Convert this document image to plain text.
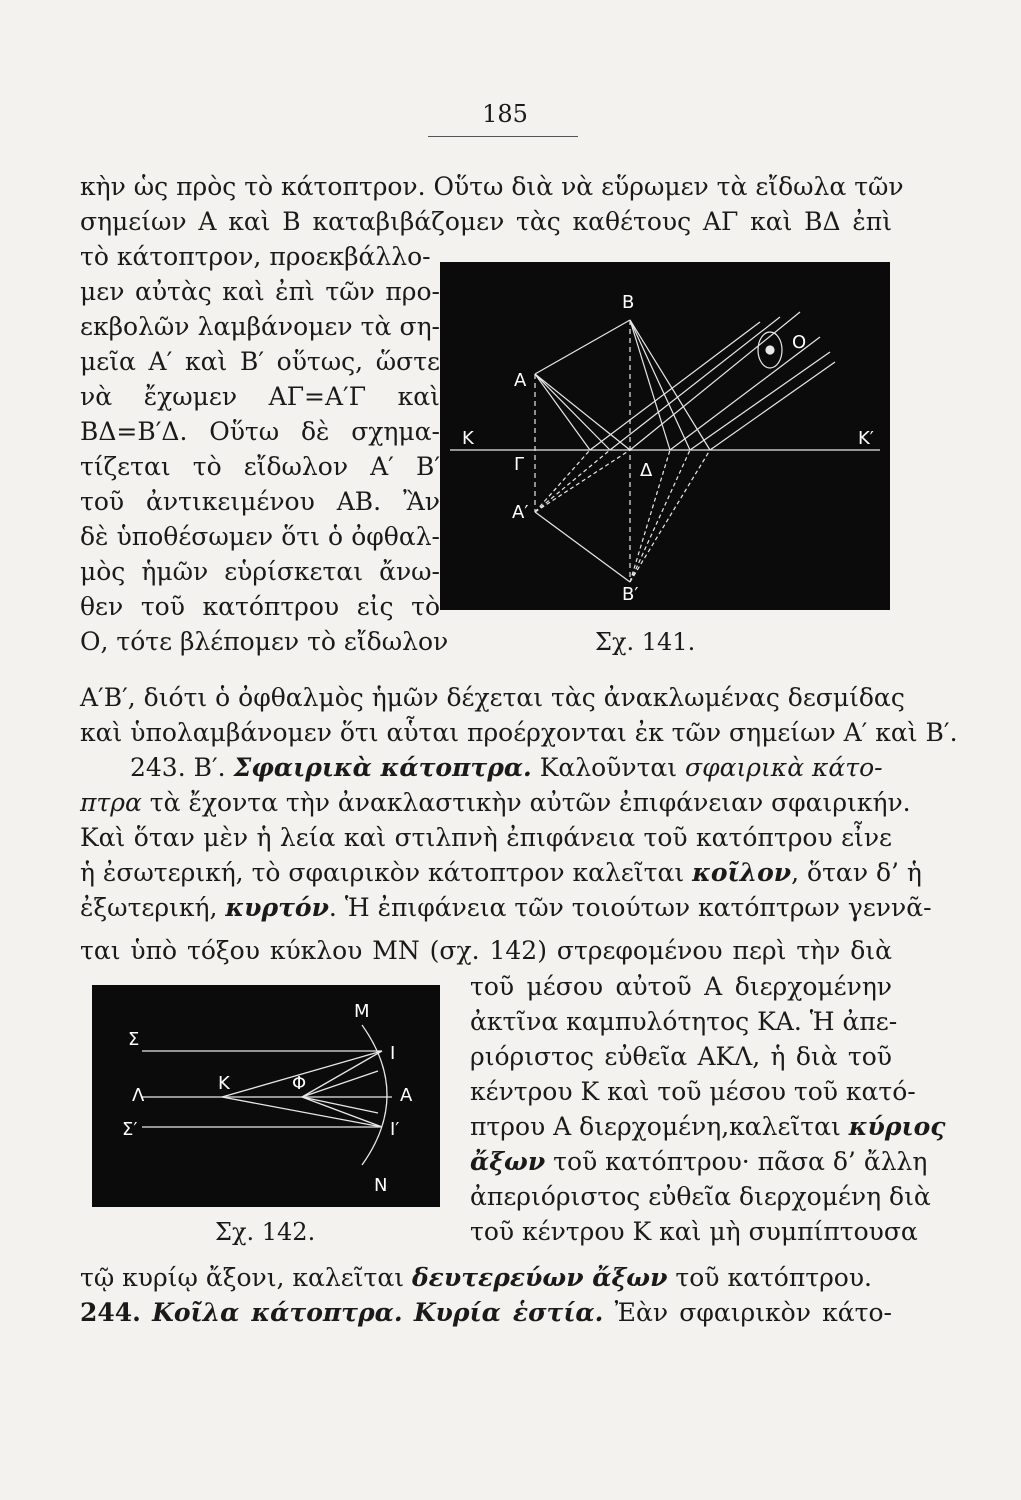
185
κὴν ὡς πρὸς τὸ κάτοπτρον. Οὕτω διὰ νὰ εὕρωμεν τὰ εἴδωλα τῶν
σημείων Α καὶ Β καταβιβάζομεν τὰς καθέτους ΑΓ καὶ ΒΔ ἐπὶ
τὸ κάτοπτρον, προεκβάλλο-
μεν αὐτὰς καὶ ἐπὶ τῶν προ-
εκβολῶν λαμβάνομεν τὰ ση-
μεῖα Α′ καὶ Β′ οὕτως, ὥστε
νὰ ἔχωμεν ΑΓ=Α′Γ καὶ
ΒΔ=Β′Δ. Οὕτω δὲ σχημα-
τίζεται τὸ εἴδωλον Α′ Β′
τοῦ ἀντικειμένου ΑΒ. Ἂν
δὲ ὑποθέσωμεν ὅτι ὁ ὀφθαλ-
μὸς ἡμῶν εὑρίσκεται ἄνω-
θεν τοῦ κατόπτρου εἰς τὸ
Ο, τότε βλέπομεν τὸ εἴδωλον
B
A
O
K	K′
Γ	Δ
A′
B′
Σχ. 141.
Α′Β′, διότι ὁ ὀφθαλμὸς ἡμῶν δέχεται τὰς ἀνακλωμένας δεσμίδας
καὶ ὑπολαμβάνομεν ὅτι αὗται προέρχονται ἐκ τῶν σημείων Α′ καὶ Β′.
243. Β′. Σφαιρικὰ κάτοπτρα. Καλοῦνται σφαιρικὰ κάτο-
πτρα τὰ ἔχοντα τὴν ἀνακλαστικὴν αὐτῶν ἐπιφάνειαν σφαιρικήν.
Καὶ ὅταν μὲν ἡ λεία καὶ στιλπνὴ ἐπιφάνεια τοῦ κατόπτρου εἶνε
ἡ ἐσωτερική, τὸ σφαιρικὸν κάτοπτρον καλεῖται κοῖλον, ὅταν δ’ ἡ
ἐξωτερική, κυρτόν. Ἡ ἐπιφάνεια τῶν τοιούτων κατόπτρων γεννᾶ-
ται ὑπὸ τόξου κύκλου ΜΝ (σχ. 142) στρεφομένου περὶ τὴν διὰ
M
Σ
I
A
Λ
K	Φ
Σ′	I′
N
τοῦ μέσου αὐτοῦ Α διερχομένην
ἀκτῖνα καμπυλότητος ΚΑ. Ἡ ἀπε-
ριόριστος εὐθεῖα ΑΚΛ, ἡ διὰ τοῦ
κέντρου Κ καὶ τοῦ μέσου τοῦ κατό-
πτρου Α διερχομένη,καλεῖται κύριος
ἄξων τοῦ κατόπτρου· πᾶσα δ’ ἄλλη
ἀπεριόριστος εὐθεῖα διερχομένη διὰ
τοῦ κέντρου Κ καὶ μὴ συμπίπτουσα
Σχ. 142.
τῷ κυρίῳ ἄξονι, καλεῖται δευτερεύων ἄξων τοῦ κατόπτρου.
244. Κοῖλα κάτοπτρα. Κυρία ἑστία. Ἐὰν σφαιρικὸν κάτο-
